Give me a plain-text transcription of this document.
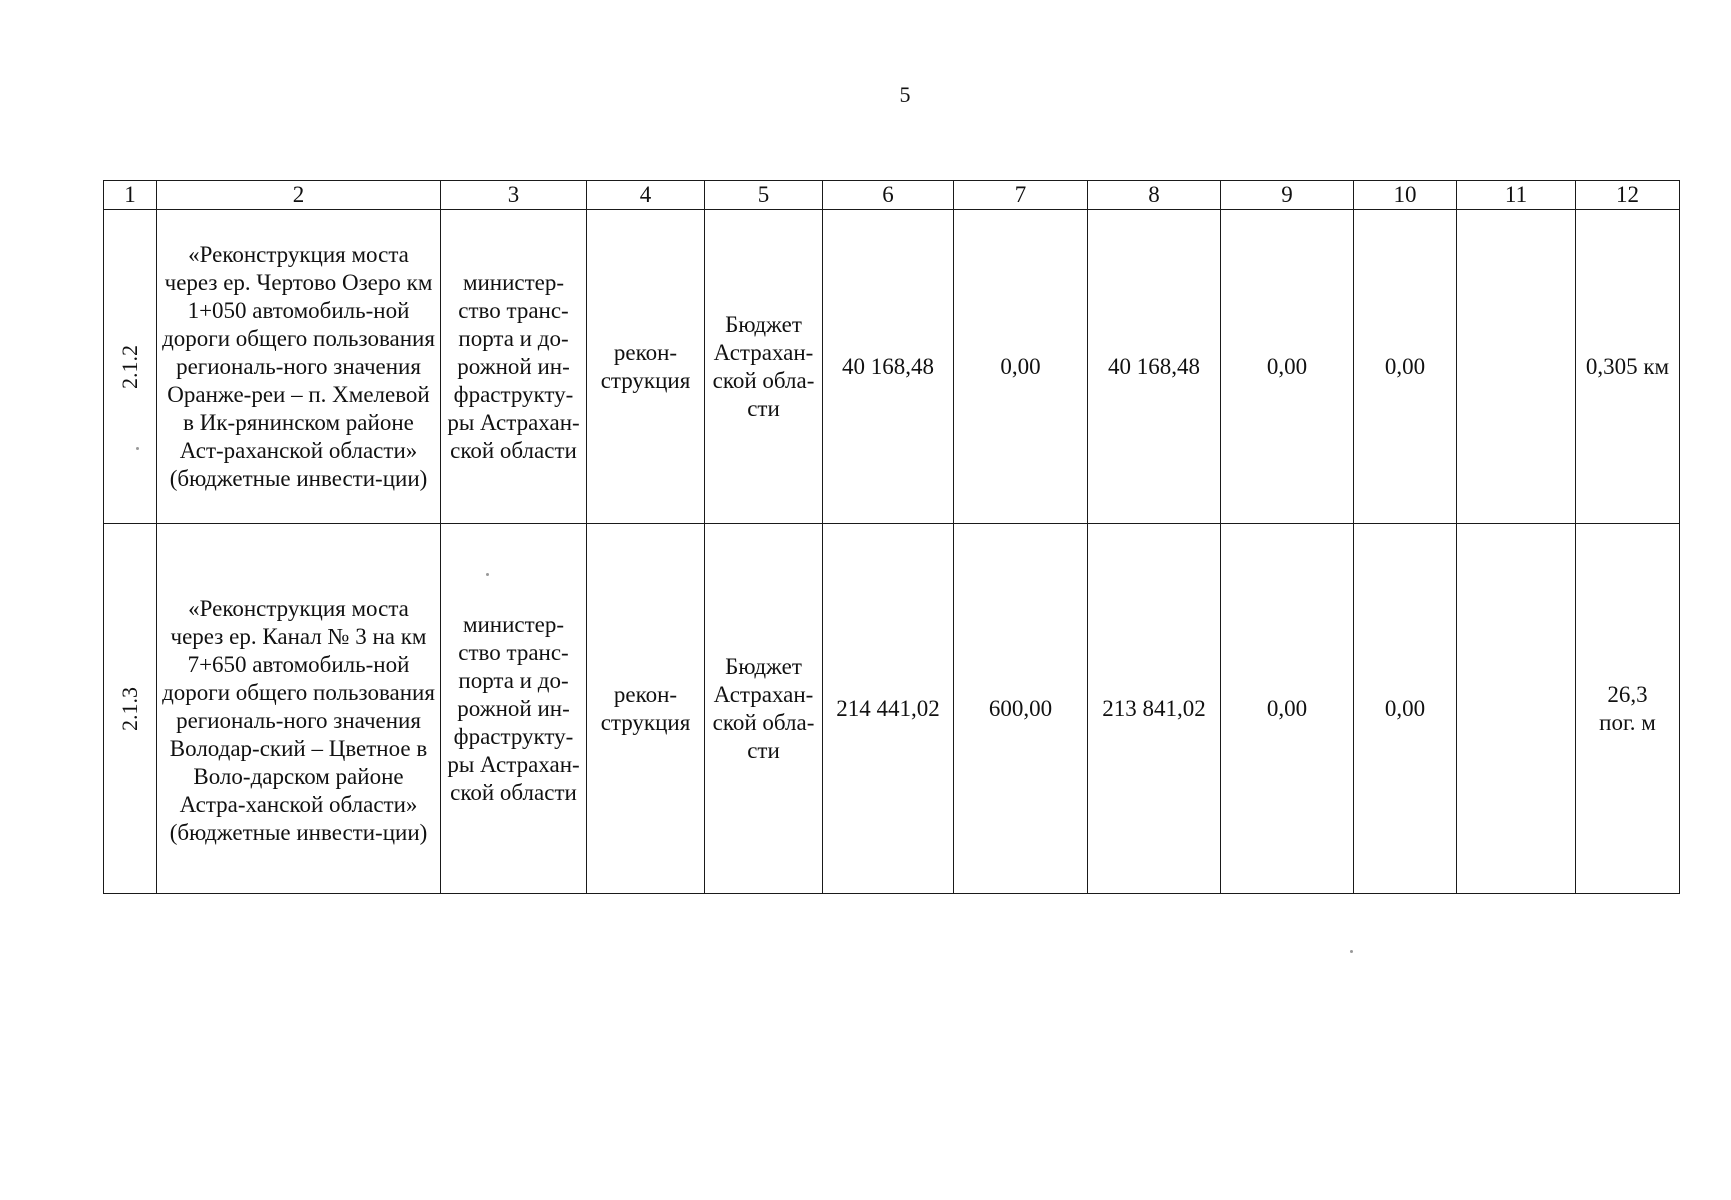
5
1	2	3	4	5	6	7	8	9	10	11	12
2.1.2	«Реконструкция моста через ер. Чертово Озеро км 1+050 автомобиль-ной дороги общего пользования региональ-ного значения Оранже-реи – п. Хмелевой в Ик-рянинском районе Аст-раханской области» (бюджетные инвести-ции)	министер-ство транс-порта и до-рожной ин-фраструкту-ры Астрахан-ской области	рекон-струкция	Бюджет Астрахан-ской обла-сти	40 168,48	0,00	40 168,48	0,00	0,00		0,305 км
2.1.3	«Реконструкция моста через ер. Канал № 3 на км 7+650 автомобиль-ной дороги общего пользования региональ-ного значения Володар-ский – Цветное в Воло-дарском районе Астра-ханской области» (бюджетные инвести-ции)	министер-ство транс-порта и до-рожной ин-фраструкту-ры Астрахан-ской области	рекон-струкция	Бюджет Астрахан-ской обла-сти	214 441,02	600,00	213 841,02	0,00	0,00		26,3 пог. м
